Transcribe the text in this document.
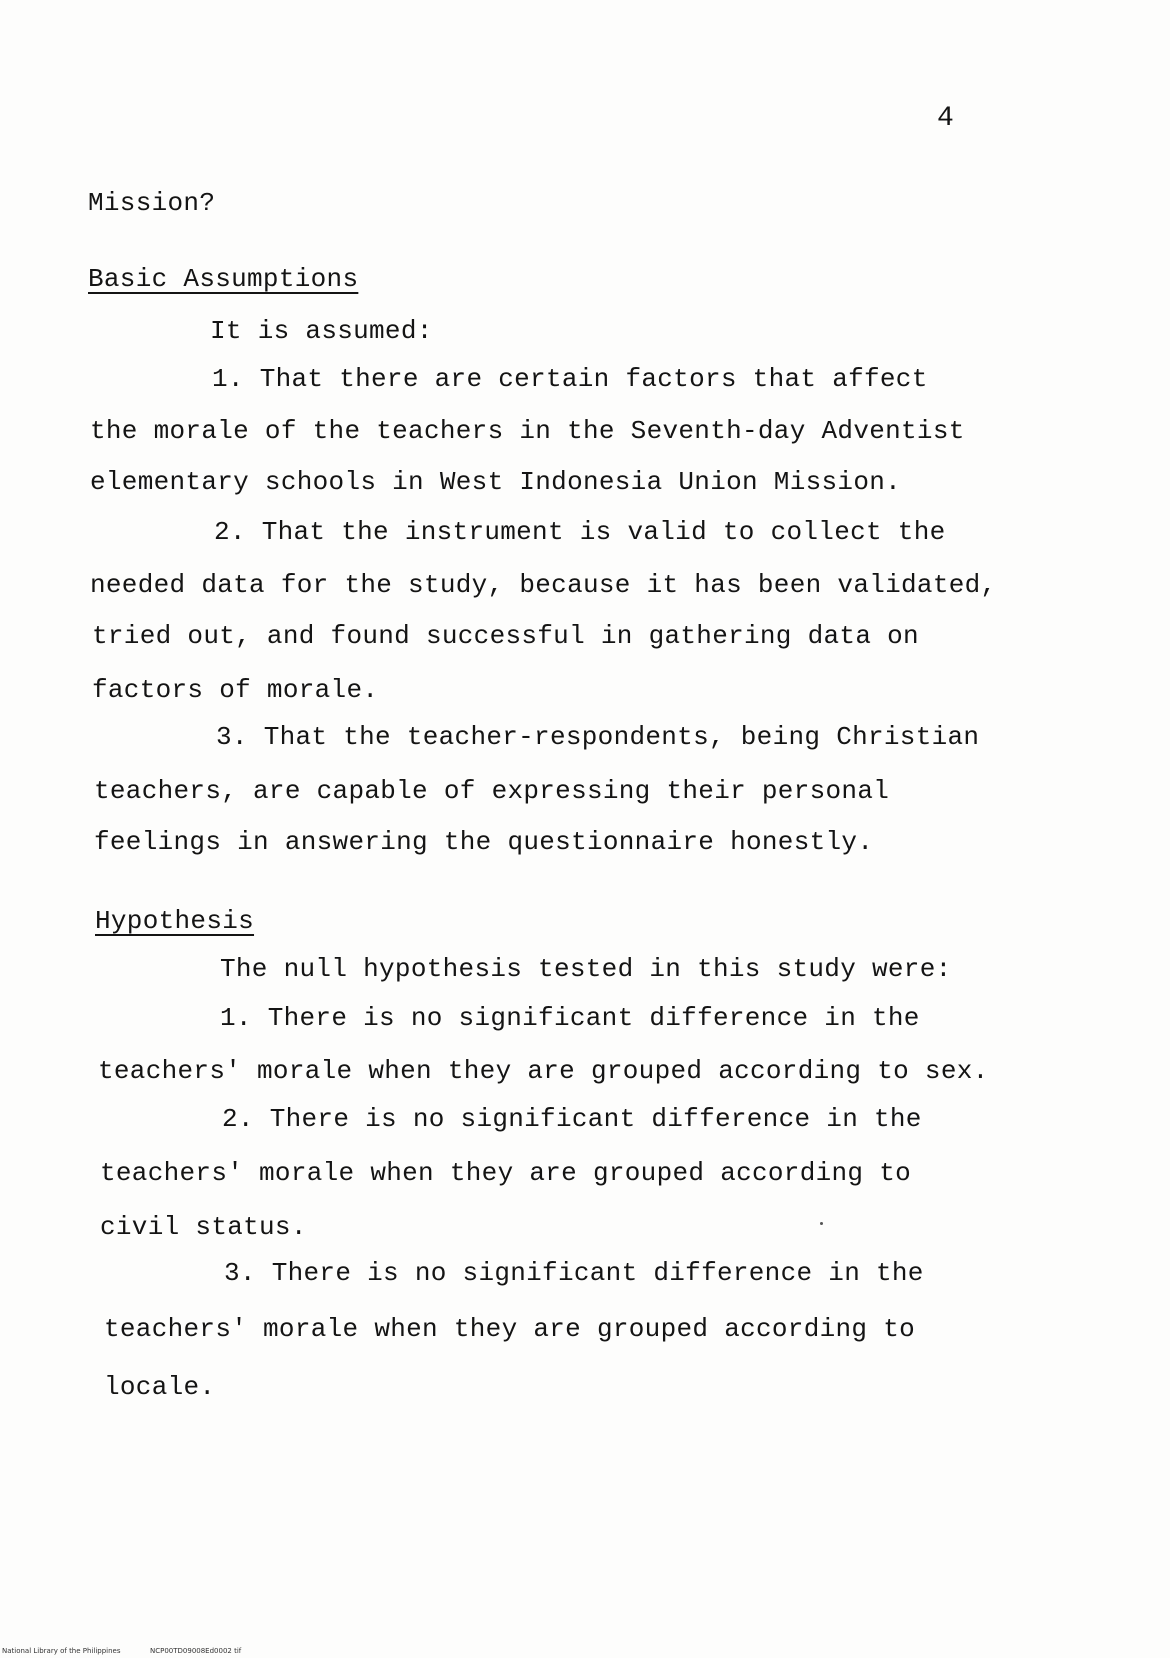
4
Mission?
Basic Assumptions
It is assumed:
1. That there are certain factors that affect
the morale of the teachers in the Seventh-day Adventist
elementary schools in West Indonesia Union Mission.
2. That the instrument is valid to collect the
needed data for the study, because it has been validated,
tried out, and found successful in gathering data on
factors of morale.
3. That the teacher-respondents, being Christian
teachers, are capable of expressing their personal
feelings in answering the questionnaire honestly.
Hypothesis
The null hypothesis tested in this study were:
1. There is no significant difference in the
teachers' morale when they are grouped according to sex.
2. There is no significant difference in the
teachers' morale when they are grouped according to
civil status.
3. There is no significant difference in the
teachers' morale when they are grouped according to
locale.
National Library of the Philippines	NCP00TD09008Ed0002 tif
